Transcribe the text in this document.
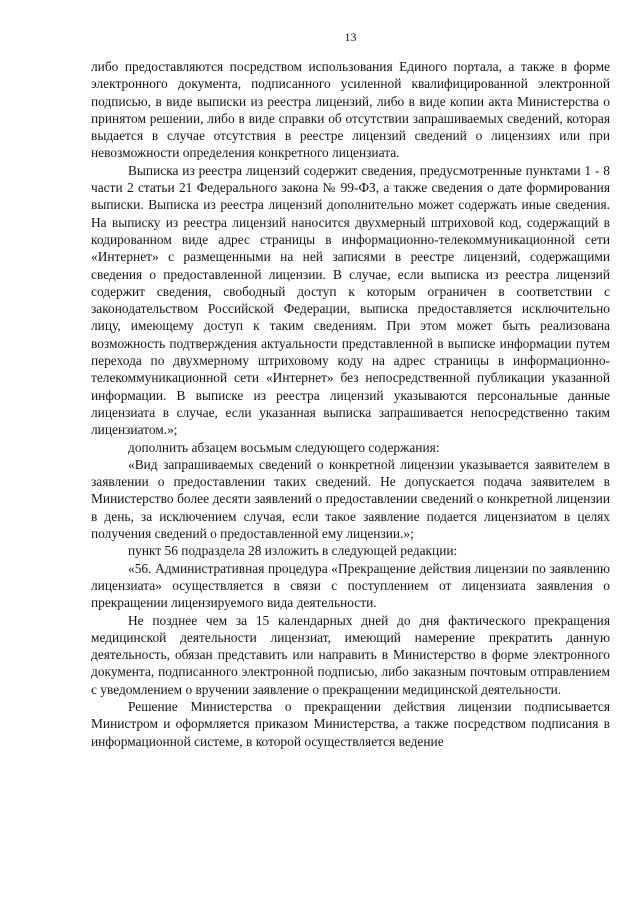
13

либо предоставляются посредством использования Единого портала, а также в форме электронного документа, подписанного усиленной квалифицированной электронной подписью, в виде выписки из реестра лицензий, либо в виде копии акта Министерства о принятом решении, либо в виде справки об отсутствии запрашиваемых сведений, которая выдается в случае отсутствия в реестре лицензий сведений о лицензиях или при невозможности определения конкретного лицензиата.

Выписка из реестра лицензий содержит сведения, предусмотренные пунктами 1 - 8 части 2 статьи 21 Федерального закона № 99-ФЗ, а также сведения о дате формирования выписки. Выписка из реестра лицензий дополнительно может содержать иные сведения. На выписку из реестра лицензий наносится двухмерный штриховой код, содержащий в кодированном виде адрес страницы в информационно-телекоммуникационной сети «Интернет» с размещенными на ней записями в реестре лицензий, содержащими сведения о предоставленной лицензии. В случае, если выписка из реестра лицензий содержит сведения, свободный доступ к которым ограничен в соответствии с законодательством Российской Федерации, выписка предоставляется исключительно лицу, имеющему доступ к таким сведениям. При этом может быть реализована возможность подтверждения актуальности представленной в выписке информации путем перехода по двухмерному штриховому коду на адрес страницы в информационно-телекоммуникационной сети «Интернет» без непосредственной публикации указанной информации. В выписке из реестра лицензий указываются персональные данные лицензиата в случае, если указанная выписка запрашивается непосредственно таким лицензиатом.»;

дополнить абзацем восьмым следующего содержания:

«Вид запрашиваемых сведений о конкретной лицензии указывается заявителем в заявлении о предоставлении таких сведений. Не допускается подача заявителем в Министерство более десяти заявлений о предоставлении сведений о конкретной лицензии в день, за исключением случая, если такое заявление подается лицензиатом в целях получения сведений о предоставленной ему лицензии.»;

пункт 56 подраздела 28 изложить в следующей редакции:

«56. Административная процедура «Прекращение действия лицензии по заявлению лицензиата» осуществляется в связи с поступлением от лицензиата заявления о прекращении лицензируемого вида деятельности.

Не позднее чем за 15 календарных дней до дня фактического прекращения медицинской деятельности лицензиат, имеющий намерение прекратить данную деятельность, обязан представить или направить в Министерство в форме электронного документа, подписанного электронной подписью, либо заказным почтовым отправлением с уведомлением о вручении заявление о прекращении медицинской деятельности.

Решение Министерства о прекращении действия лицензии подписывается Министром и оформляется приказом Министерства, а также посредством подписания в информационной системе, в которой осуществляется ведение
